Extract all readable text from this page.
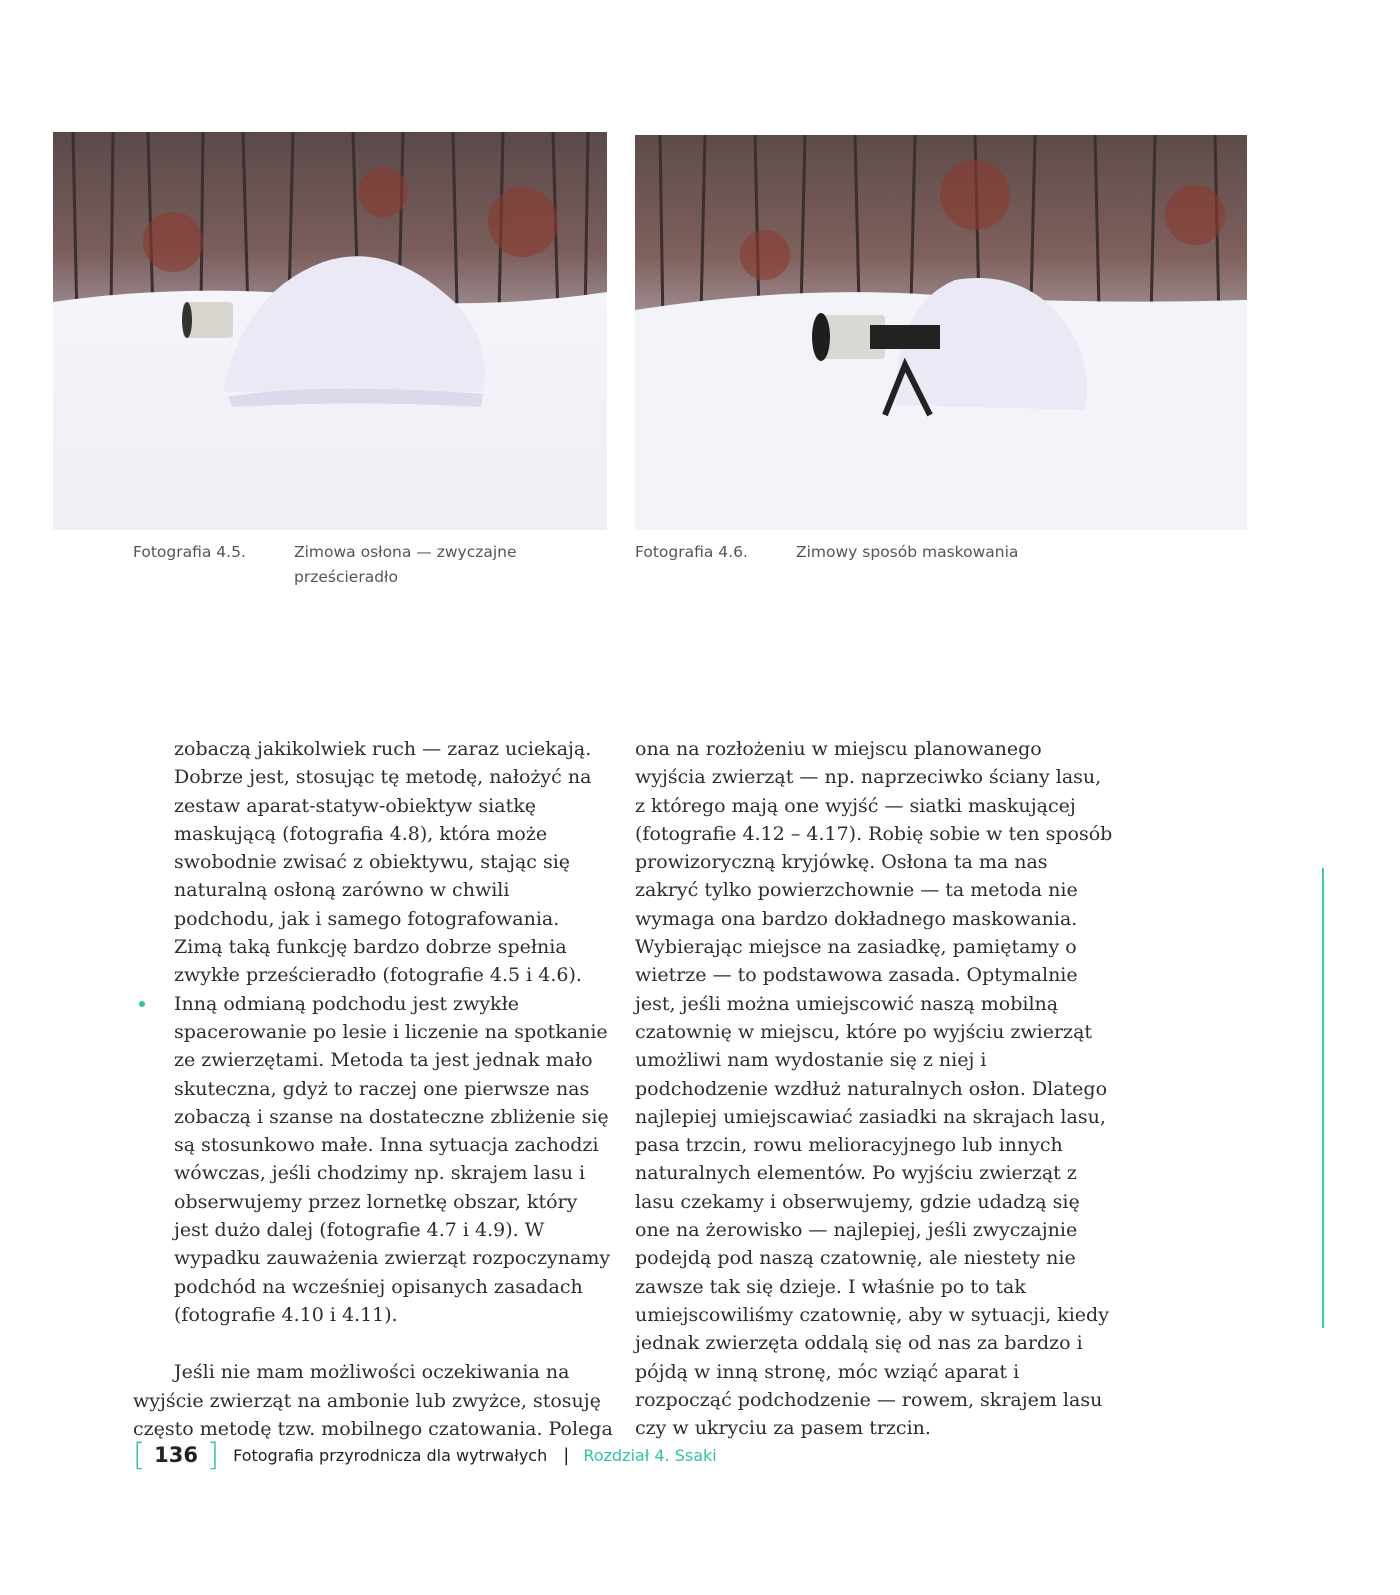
Fotografia 4.5.	Zimowa osłona — zwyczajne prześcieradło
Fotografia 4.6.	Zimowy sposób maskowania

zobaczą jakikolwiek ruch — zaraz uciekają. Dobrze jest, stosując tę metodę, nałożyć na zestaw aparat-statyw-obiektyw siatkę maskującą (fotografia 4.8), która może swobodnie zwisać z obiektywu, stając się naturalną osłoną zarówno w chwili podchodu, jak i samego fotografowania. Zimą taką funkcję bardzo dobrze spełnia zwykłe prześcieradło (fotografie 4.5 i 4.6).

Inną odmianą podchodu jest zwykłe spacerowanie po lesie i liczenie na spotkanie ze zwierzętami. Metoda ta jest jednak mało skuteczna, gdyż to raczej one pierwsze nas zobaczą i szanse na dostateczne zbliżenie się są stosunkowo małe. Inna sytuacja zachodzi wówczas, jeśli chodzimy np. skrajem lasu i obserwujemy przez lornetkę obszar, który jest dużo dalej (fotografie 4.7 i 4.9). W wypadku zauważenia zwierząt rozpoczynamy podchód na wcześniej opisanych zasadach (fotografie 4.10 i 4.11).

Jeśli nie mam możliwości oczekiwania na wyjście zwierząt na ambonie lub zwyżce, stosuję często metodę tzw. mobilnego czatowania. Polega

ona na rozłożeniu w miejscu planowanego wyjścia zwierząt — np. naprzeciwko ściany lasu, z którego mają one wyjść — siatki maskującej (fotografie 4.12 – 4.17). Robię sobie w ten sposób prowizoryczną kryjówkę. Osłona ta ma nas zakryć tylko powierzchownie — ta metoda nie wymaga ona bardzo dokładnego maskowania. Wybierając miejsce na zasiadkę, pamiętamy o wietrze — to podstawowa zasada. Optymalnie jest, jeśli można umiejscowić naszą mobilną czatownię w miejscu, które po wyjściu zwierząt umożliwi nam wydostanie się z niej i podchodzenie wzdłuż naturalnych osłon. Dlatego najlepiej umiejscawiać zasiadki na skrajach lasu, pasa trzcin, rowu melioracyjnego lub innych naturalnych elementów. Po wyjściu zwierząt z lasu czekamy i obserwujemy, gdzie udadzą się one na żerowisko — najlepiej, jeśli zwyczajnie podejdą pod naszą czatownię, ale niestety nie zawsze tak się dzieje. I właśnie po to tak umiejscowiliśmy czatownię, aby w sytuacji, kiedy jednak zwierzęta oddalą się od nas za bardzo i pójdą w inną stronę, móc wziąć aparat i rozpocząć podchodzenie — rowem, skrajem lasu czy w ukryciu za pasem trzcin.

[ 136 ] Fotografia przyrodnicza dla wytrwałych | Rozdział 4. Ssaki
